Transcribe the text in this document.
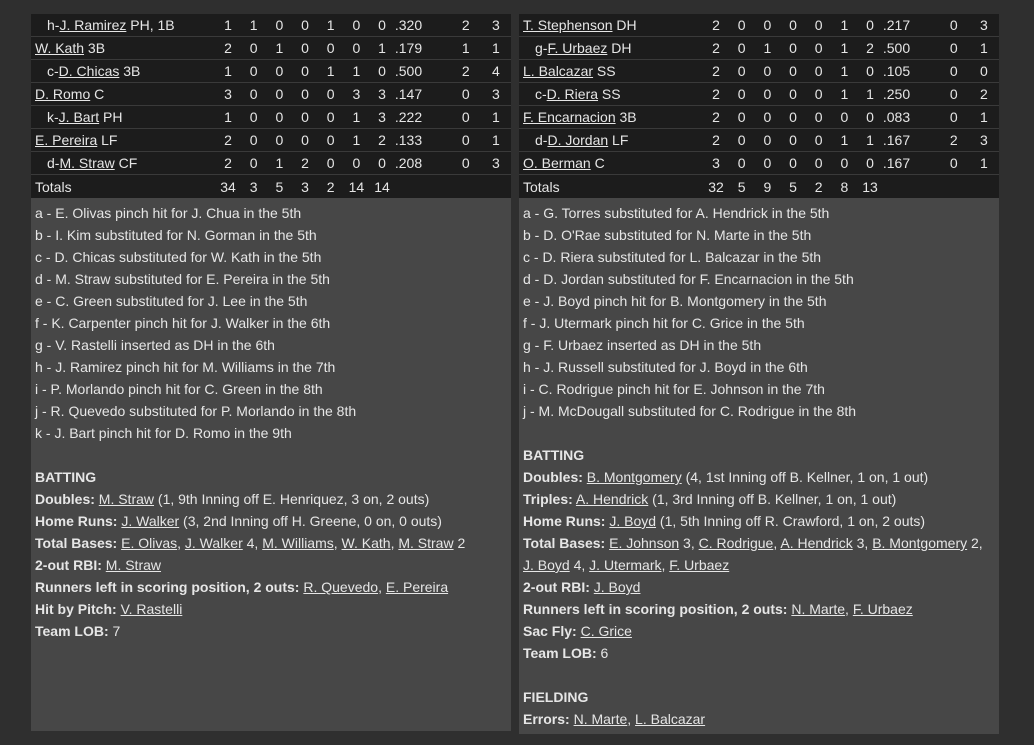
h-J. Ramirez PH, 1B	1	1	0	0	1	0	0	.320	2	3
W. Kath 3B	2	0	1	0	0	0	1	.179	1	1
c-D. Chicas 3B	1	0	0	0	1	1	0	.500	2	4
D. Romo C	3	0	0	0	0	3	3	.147	0	3
k-J. Bart PH	1	0	0	0	0	1	3	.222	0	1
E. Pereira LF	2	0	0	0	0	1	2	.133	0	1
d-M. Straw CF	2	0	1	2	0	0	0	.208	0	3
Totals	34	3	5	3	2	14	14			
a - E. Olivas pinch hit for J. Chua in the 5th
b - I. Kim substituted for N. Gorman in the 5th
c - D. Chicas substituted for W. Kath in the 5th
d - M. Straw substituted for E. Pereira in the 5th
e - C. Green substituted for J. Lee in the 5th
f - K. Carpenter pinch hit for J. Walker in the 6th
g - V. Rastelli inserted as DH in the 6th
h - J. Ramirez pinch hit for M. Williams in the 7th
i - P. Morlando pinch hit for C. Green in the 8th
j - R. Quevedo substituted for P. Morlando in the 8th
k - J. Bart pinch hit for D. Romo in the 9th
BATTING
Doubles: M. Straw (1, 9th Inning off E. Henriquez, 3 on, 2 outs)
Home Runs: J. Walker (3, 2nd Inning off H. Greene, 0 on, 0 outs)
Total Bases: E. Olivas, J. Walker 4, M. Williams, W. Kath, M. Straw 2
2-out RBI: M. Straw
Runners left in scoring position, 2 outs: R. Quevedo, E. Pereira
Hit by Pitch: V. Rastelli
Team LOB: 7
T. Stephenson DH	2	0	0	0	0	1	0	.217	0	3
g-F. Urbaez DH	2	0	1	0	0	1	2	.500	0	1
L. Balcazar SS	2	0	0	0	0	1	0	.105	0	0
c-D. Riera SS	2	0	0	0	0	1	1	.250	0	2
F. Encarnacion 3B	2	0	0	0	0	0	0	.083	0	1
d-D. Jordan LF	2	0	0	0	0	1	1	.167	2	3
O. Berman C	3	0	0	0	0	0	0	.167	0	1
Totals	32	5	9	5	2	8	13			
a - G. Torres substituted for A. Hendrick in the 5th
b - D. O'Rae substituted for N. Marte in the 5th
c - D. Riera substituted for L. Balcazar in the 5th
d - D. Jordan substituted for F. Encarnacion in the 5th
e - J. Boyd pinch hit for B. Montgomery in the 5th
f - J. Utermark pinch hit for C. Grice in the 5th
g - F. Urbaez inserted as DH in the 5th
h - J. Russell substituted for J. Boyd in the 6th
i - C. Rodrigue pinch hit for E. Johnson in the 7th
j - M. McDougall substituted for C. Rodrigue in the 8th
BATTING
Doubles: B. Montgomery (4, 1st Inning off B. Kellner, 1 on, 1 out)
Triples: A. Hendrick (1, 3rd Inning off B. Kellner, 1 on, 1 out)
Home Runs: J. Boyd (1, 5th Inning off R. Crawford, 1 on, 2 outs)
Total Bases: E. Johnson 3, C. Rodrigue, A. Hendrick 3, B. Montgomery 2, J. Boyd 4, J. Utermark, F. Urbaez
2-out RBI: J. Boyd
Runners left in scoring position, 2 outs: N. Marte, F. Urbaez
Sac Fly: C. Grice
Team LOB: 6
FIELDING
Errors: N. Marte, L. Balcazar
